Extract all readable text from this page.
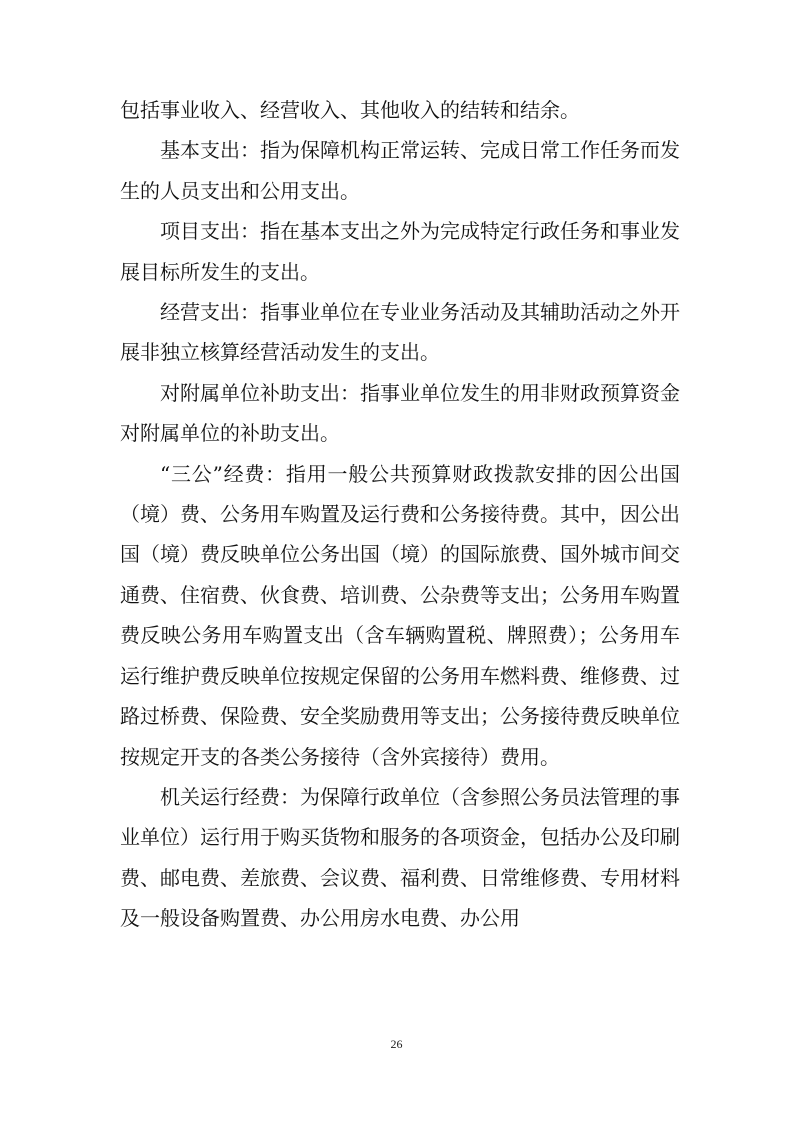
包括事业收入、经营收入、其他收入的结转和结余。

基本支出：指为保障机构正常运转、完成日常工作任务而发生的人员支出和公用支出。

项目支出：指在基本支出之外为完成特定行政任务和事业发展目标所发生的支出。

经营支出：指事业单位在专业业务活动及其辅助活动之外开展非独立核算经营活动发生的支出。

对附属单位补助支出：指事业单位发生的用非财政预算资金对附属单位的补助支出。

“三公”经费：指用一般公共预算财政拨款安排的因公出国（境）费、公务用车购置及运行费和公务接待费。其中，因公出国（境）费反映单位公务出国（境）的国际旅费、国外城市间交通费、住宿费、伙食费、培训费、公杂费等支出；公务用车购置费反映公务用车购置支出（含车辆购置税、牌照费）；公务用车运行维护费反映单位按规定保留的公务用车燃料费、维修费、过路过桥费、保险费、安全奖励费用等支出；公务接待费反映单位按规定开支的各类公务接待（含外宾接待）费用。

机关运行经费：为保障行政单位（含参照公务员法管理的事业单位）运行用于购买货物和服务的各项资金，包括办公及印刷费、邮电费、差旅费、会议费、福利费、日常维修费、专用材料及一般设备购置费、办公用房水电费、办公用

26
